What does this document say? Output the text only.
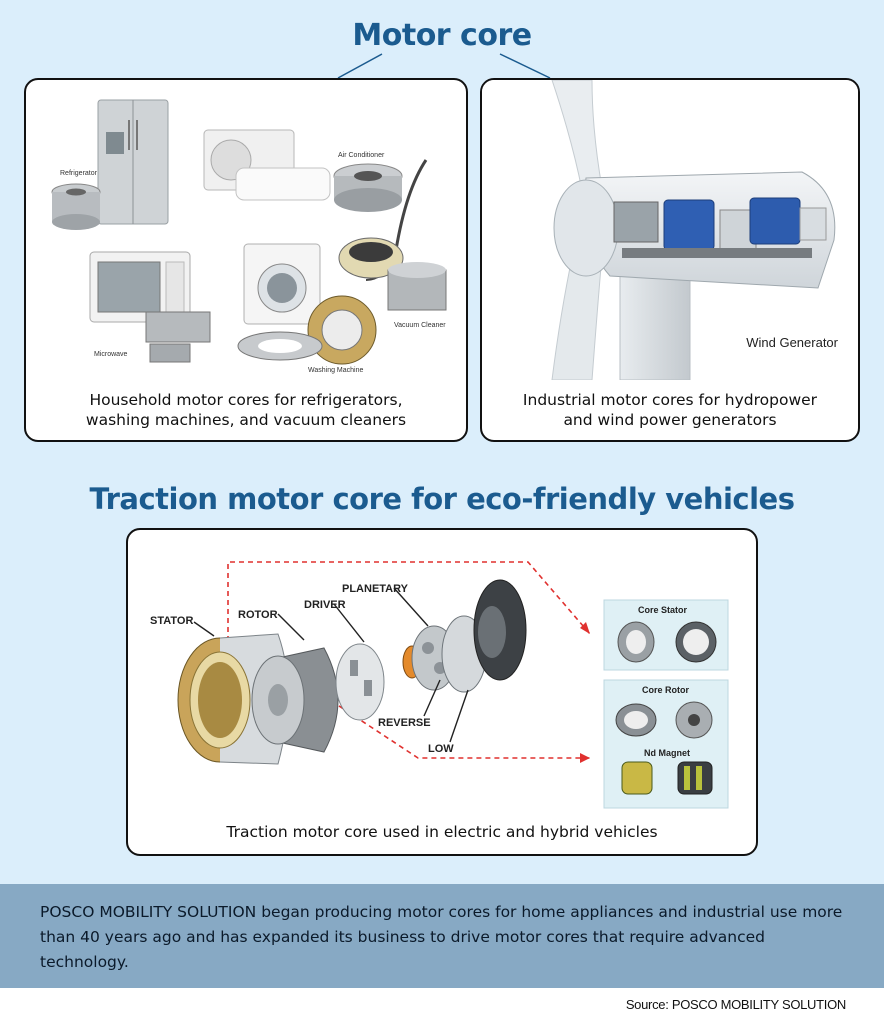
Motor core
Refrigerator
Air Conditioner
Microwave
Washing Machine
Vacuum Cleaner
Household motor cores for refrigerators,
washing machines, and vacuum cleaners
Wind Generator
Industrial motor cores for hydropower
and wind power generators
Traction motor core for eco-friendly vehicles
STATOR	ROTOR
DRIVER
PLANETARY
REVERSE
LOW
Core Stator
Core Rotor
Nd Magnet
Traction motor core used in electric and hybrid vehicles

POSCO MOBILITY SOLUTION began producing motor cores for home appliances and industrial use more than 40 years ago and has expanded its business to drive motor cores that require advanced technology.

Source: POSCO MOBILITY SOLUTION
